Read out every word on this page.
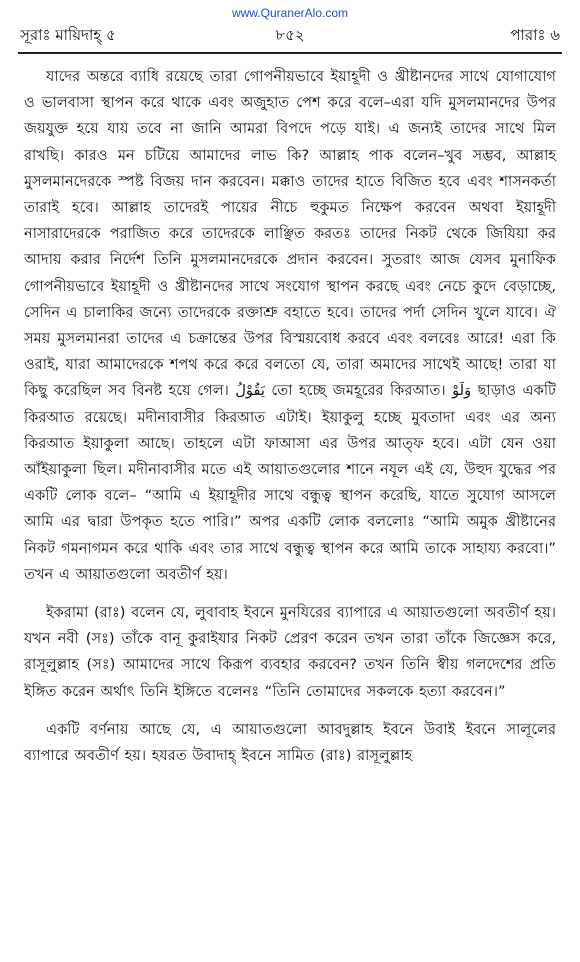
www.QuranerAlo.com
সূরাঃ মায়িদাহ্ ৫	৮৫২	পারাঃ ৬

যাদের অন্তরে ব্যাধি রয়েছে তারা গোপনীয়ভাবে ইয়াহূদী ও খ্রীষ্টানদের সাথে যোগাযোগ ও ভালবাসা স্থাপন করে থাকে এবং অজুহাত পেশ করে বলে–এরা যদি মুসলমানদের উপর জয়যুক্ত হয়ে যায় তবে না জানি আমরা বিপদে পড়ে যাই। এ জন্যই তাদের সাথে মিল রাখছি। কারও মন চটিয়ে আমাদের লাভ কি? আল্লাহ পাক বলেন–খুব সম্ভব, আল্লাহ মুসলমানদেরকে স্পষ্ট বিজয় দান করবেন। মক্কাও তাদের হাতে বিজিত হবে এবং শাসনকর্তা তারাই হবে। আল্লাহ তাদেরই পায়ের নীচে হুকুমত নিক্ষেপ করবেন অথবা ইয়াহূদী নাসারাদেরকে পরাজিত করে তাদেরকে লাঞ্ছিত করতঃ তাদের নিকট থেকে জিযিয়া কর আদায় করার নির্দেশ তিনি মুসলমানদেরকে প্রদান করবেন। সুতরাং আজ যেসব মুনাফিক গোপনীয়ভাবে ইয়াহূদী ও খ্রীষ্টানদের সাথে সংযোগ স্থাপন করছে এবং নেচে কুদে বেড়াচ্ছে, সেদিন এ চালাকির জন্যে তাদেরকে রক্তাশ্রু বহাতে হবে। তাদের পর্দা সেদিন খুলে যাবে। ঐ সময় মুসলমানরা তাদের এ চক্রান্তের উপর বিস্ময়বোধ করবে এবং বলবেঃ আরে! এরা কি ওরাই, যারা আমাদেরকে শপথ করে করে বলতো যে, তারা অমাদের সাথেই আছে! তারা যা কিছু করেছিল সব বিনষ্ট হয়ে গেল। يَقُوْلُ তো হচ্ছে জমহূরের কিরআত। وَلَوْ ছাড়াও একটি কিরআত রয়েছে। মদীনাবাসীর কিরআত এটাই। ইয়াকুলু হচ্ছে মুবতাদা এবং এর অন্য কিরআত ইয়াকুলা আছে। তাহলে এটা ফাআসা এর উপর আত্ফ হবে। এটা যেন ওয়া আঁইয়াকুলা ছিল। মদীনাবাসীর মতে এই আয়াতগুলোর শানে নযূল এই যে, উহুদ যুদ্ধের পর একটি লোক বলে– “আমি এ ইয়াহূদীর সাথে বন্ধুত্ব স্থাপন করেছি, যাতে সুযোগ আসলে আমি এর দ্বারা উপকৃত হতে পারি।” অপর একটি লোক বললোঃ “আমি অমুক খ্রীষ্টানের নিকট গমনাগমন করে থাকি এবং তার সাথে বন্ধুত্ব স্থাপন করে আমি তাকে সাহায্য করবো।” তখন এ আয়াতগুলো অবতীর্ণ হয়।

ইকরামা (রাঃ) বলেন যে, লুবাবাহ ইবনে মুনযিরের ব্যাপারে এ আয়াতগুলো অবতীর্ণ হয়। যখন নবী (সঃ) তাঁকে বানূ কুরাইযার নিকট প্রেরণ করেন তখন তারা তাঁকে জিজ্ঞেস করে, রাসূলুল্লাহ (সঃ) আমাদের সাথে কিরূপ ব্যবহার করবেন? তখন তিনি স্বীয় গলদেশের প্রতি ইঙ্গিত করেন অর্থাৎ তিনি ইঙ্গিতে বলেনঃ “তিনি তোমাদের সকলকে হত্যা করবেন।”

একটি বর্ণনায় আছে যে, এ আয়াতগুলো আবদুল্লাহ ইবনে উবাই ইবনে সালূলের ব্যাপারে অবতীর্ণ হয়। হযরত উবাদাহ্ ইবনে সামিত (রাঃ) রাসূলুল্লাহ
